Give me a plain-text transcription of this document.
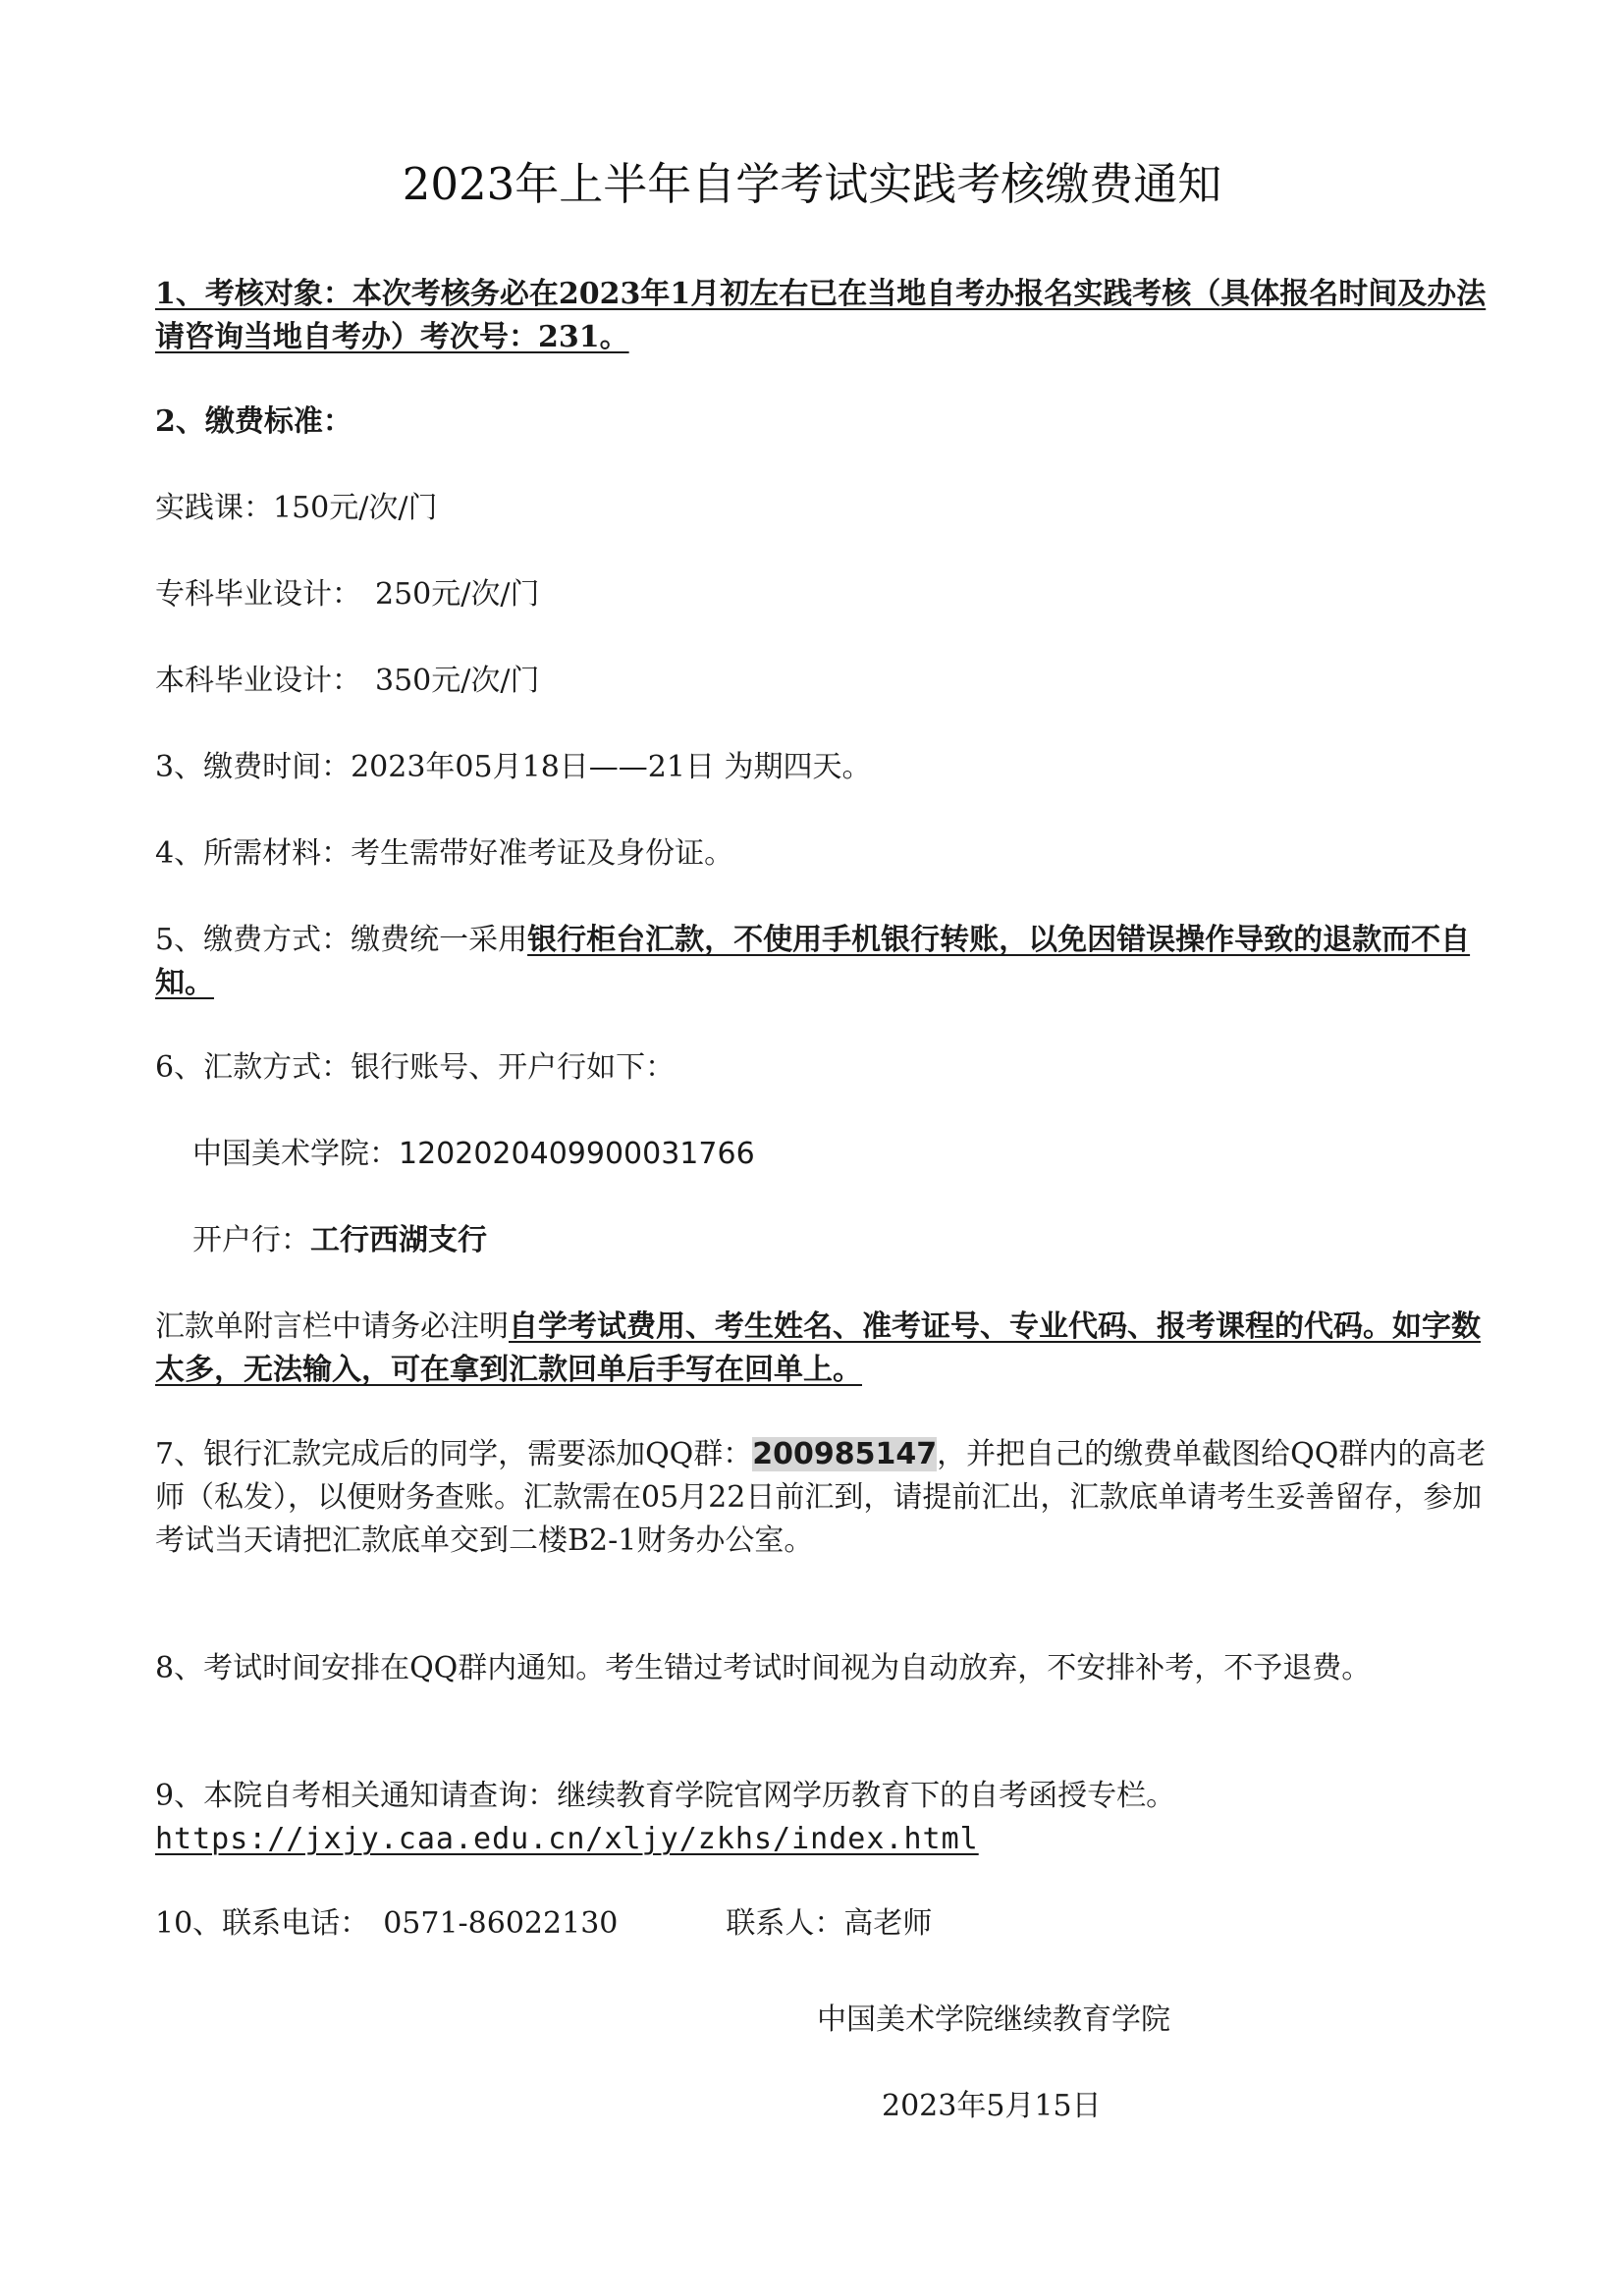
2023年上半年自学考试实践考核缴费通知

1、考核对象：本次考核务必在2023年1月初左右已在当地自考办报名实践考核（具体报名时间及办法请咨询当地自考办）考次号：231。

2、缴费标准：

实践课：150元/次/门

专科毕业设计： 250元/次/门

本科毕业设计： 350元/次/门

3、缴费时间：2023年05月18日——21日 为期四天。

4、所需材料：考生需带好准考证及身份证。

5、缴费方式：缴费统一采用银行柜台汇款，不使用手机银行转账，以免因错误操作导致的退款而不自知。

6、汇款方式：银行账号、开户行如下：

中国美术学院：1202020409900031766

开户行：工行西湖支行

汇款单附言栏中请务必注明自学考试费用、考生姓名、准考证号、专业代码、报考课程的代码。如字数太多，无法输入，可在拿到汇款回单后手写在回单上。

7、银行汇款完成后的同学，需要添加QQ群：200985147，并把自己的缴费单截图给QQ群内的高老师（私发），以便财务查账。汇款需在05月22日前汇到，请提前汇出，汇款底单请考生妥善留存，参加考试当天请把汇款底单交到二楼B2-1财务办公室。

8、考试时间安排在QQ群内通知。考生错过考试时间视为自动放弃，不安排补考，不予退费。

9、本院自考相关通知请查询：继续教育学院官网学历教育下的自考函授专栏。
https://jxjy.caa.edu.cn/xljy/zkhs/index.html

10、联系电话： 0571-86022130	联系人：高老师

中国美术学院继续教育学院

2023年5月15日
